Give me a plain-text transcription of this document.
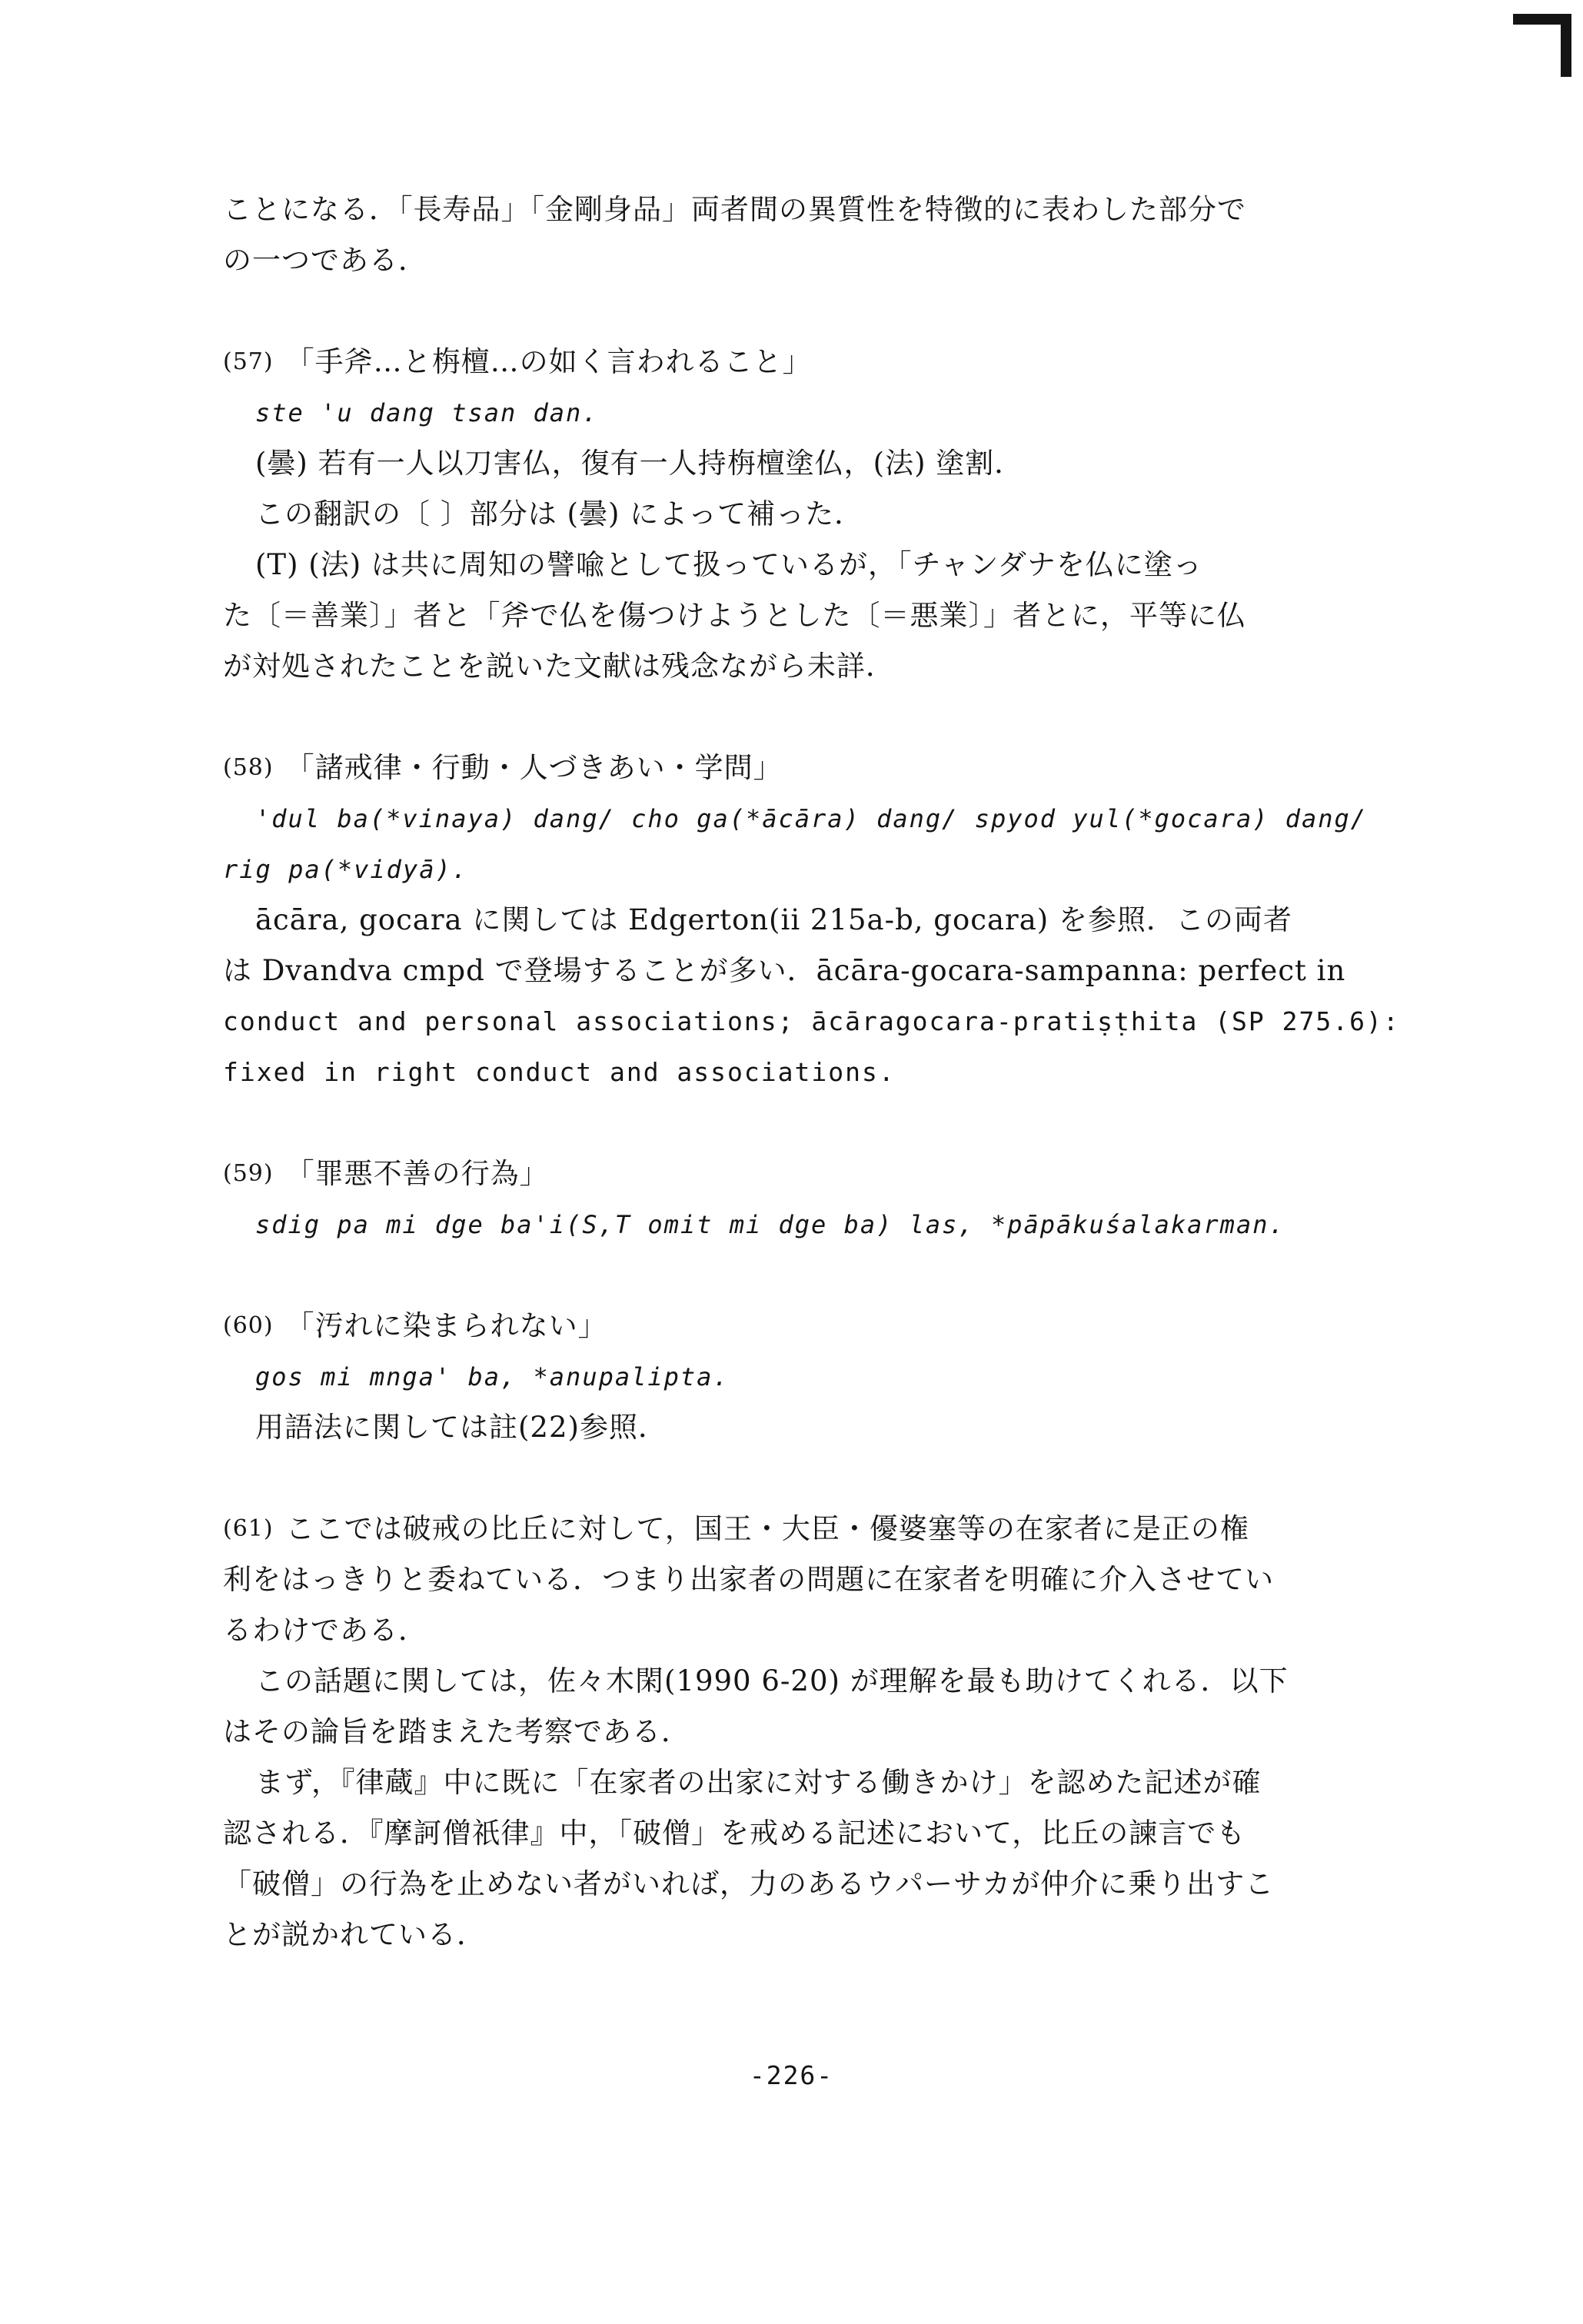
ことになる．「長寿品」「金剛身品」両者間の異質性を特徴的に表わした部分で

の一つである．

(57) 「手斧…と栴檀…の如く言われること」

ste 'u dang tsan dan.

(曇) 若有一人以刀害仏，復有一人持栴檀塗仏，(法) 塗割．

この翻訳の〔 〕部分は (曇) によって補った．

(T) (法) は共に周知の譬喩として扱っているが，「チャンダナを仏に塗っ

た〔＝善業〕」者と「斧で仏を傷つけようとした〔＝悪業〕」者とに，平等に仏

が対処されたことを説いた文献は残念ながら未詳．

(58) 「諸戒律・行動・人づきあい・学問」

'dul ba(*vinaya) dang/ cho ga(*ācāra) dang/ spyod yul(*gocara) dang/

rig pa(*vidyā).

ācāra, gocara に関しては Edgerton(ii 215a-b, gocara) を参照．この両者

は Dvandva cmpd で登場することが多い．ācāra-gocara-sampanna: perfect in

conduct and personal associations; ācāragocara-pratiṣṭhita (SP 275.6):

fixed in right conduct and associations.

(59) 「罪悪不善の行為」

sdig pa mi dge ba'i(S,T omit mi dge ba) las, *pāpākuśalakarman.

(60) 「汚れに染まられない」

gos mi mnga' ba, *anupalipta.

用語法に関しては註(22)参照．

(61) ここでは破戒の比丘に対して，国王・大臣・優婆塞等の在家者に是正の権

利をはっきりと委ねている．つまり出家者の問題に在家者を明確に介入させてい

るわけである．

この話題に関しては，佐々木閑(1990 6-20) が理解を最も助けてくれる．以下

はその論旨を踏まえた考察である．

まず，『律蔵』中に既に「在家者の出家に対する働きかけ」を認めた記述が確

認される．『摩訶僧祇律』中，「破僧」を戒める記述において，比丘の諫言でも

「破僧」の行為を止めない者がいれば，力のあるウパーサカが仲介に乗り出すこ

とが説かれている．

-226-
